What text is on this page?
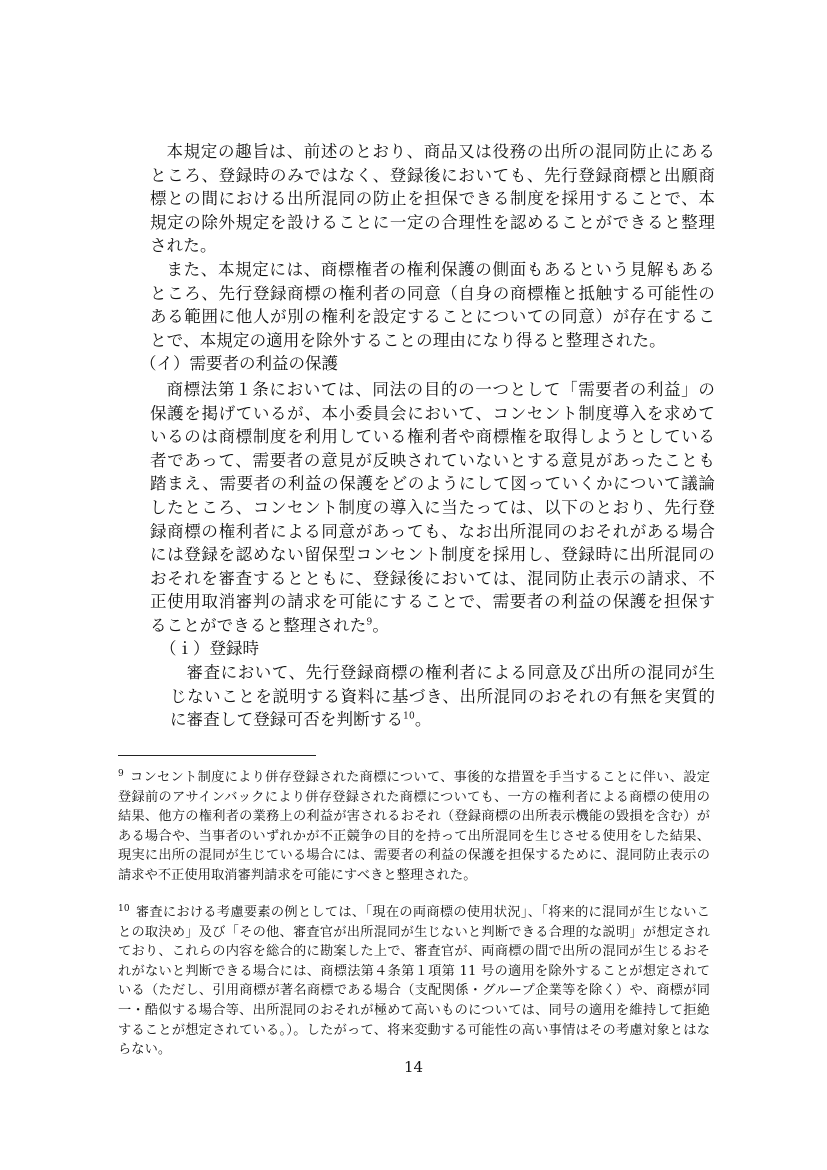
本規定の趣旨は、前述のとおり、商品又は役務の出所の混同防止にあるところ、登録時のみではなく、登録後においても、先行登録商標と出願商標との間における出所混同の防止を担保できる制度を採用することで、本規定の除外規定を設けることに一定の合理性を認めることができると整理された。

また、本規定には、商標権者の権利保護の側面もあるという見解もあるところ、先行登録商標の権利者の同意（自身の商標権と抵触する可能性のある範囲に他人が別の権利を設定することについての同意）が存在することで、本規定の適用を除外することの理由になり得ると整理された。

（イ）需要者の利益の保護

商標法第１条においては、同法の目的の一つとして「需要者の利益」の保護を掲げているが、本小委員会において、コンセント制度導入を求めているのは商標制度を利用している権利者や商標権を取得しようとしている者であって、需要者の意見が反映されていないとする意見があったことも踏まえ、需要者の利益の保護をどのようにして図っていくかについて議論したところ、コンセント制度の導入に当たっては、以下のとおり、先行登録商標の権利者による同意があっても、なお出所混同のおそれがある場合には登録を認めない留保型コンセント制度を採用し、登録時に出所混同のおそれを審査するとともに、登録後においては、混同防止表示の請求、不正使用取消審判の請求を可能にすることで、需要者の利益の保護を担保することができると整理された$^9$。

（ｉ）登録時

審査において、先行登録商標の権利者による同意及び出所の混同が生じないことを説明する資料に基づき、出所混同のおそれの有無を実質的に審査して登録可否を判断する$^{10}$。

$^9$ コンセント制度により併存登録された商標について、事後的な措置を手当することに伴い、設定登録前のアサインバックにより併存登録された商標についても、一方の権利者による商標の使用の結果、他方の権利者の業務上の利益が害されるおそれ（登録商標の出所表示機能の毀損を含む）がある場合や、当事者のいずれかが不正競争の目的を持って出所混同を生じさせる使用をした結果、現実に出所の混同が生じている場合には、需要者の利益の保護を担保するために、混同防止表示の請求や不正使用取消審判請求を可能にすべきと整理された。
$^{10}$ 審査における考慮要素の例としては、「現在の両商標の使用状況」、「将来的に混同が生じないことの取決め」及び「その他、審査官が出所混同が生じないと判断できる合理的な説明」が想定されており、これらの内容を総合的に勘案した上で、審査官が、両商標の間で出所の混同が生じるおそれがないと判断できる場合には、商標法第４条第１項第 11 号の適用を除外することが想定されている（ただし、引用商標が著名商標である場合（支配関係・グループ企業等を除く）や、商標が同一・酷似する場合等、出所混同のおそれが極めて高いものについては、同号の適用を維持して拒絶することが想定されている。）。したがって、将来変動する可能性の高い事情はその考慮対象とはならない。
14
